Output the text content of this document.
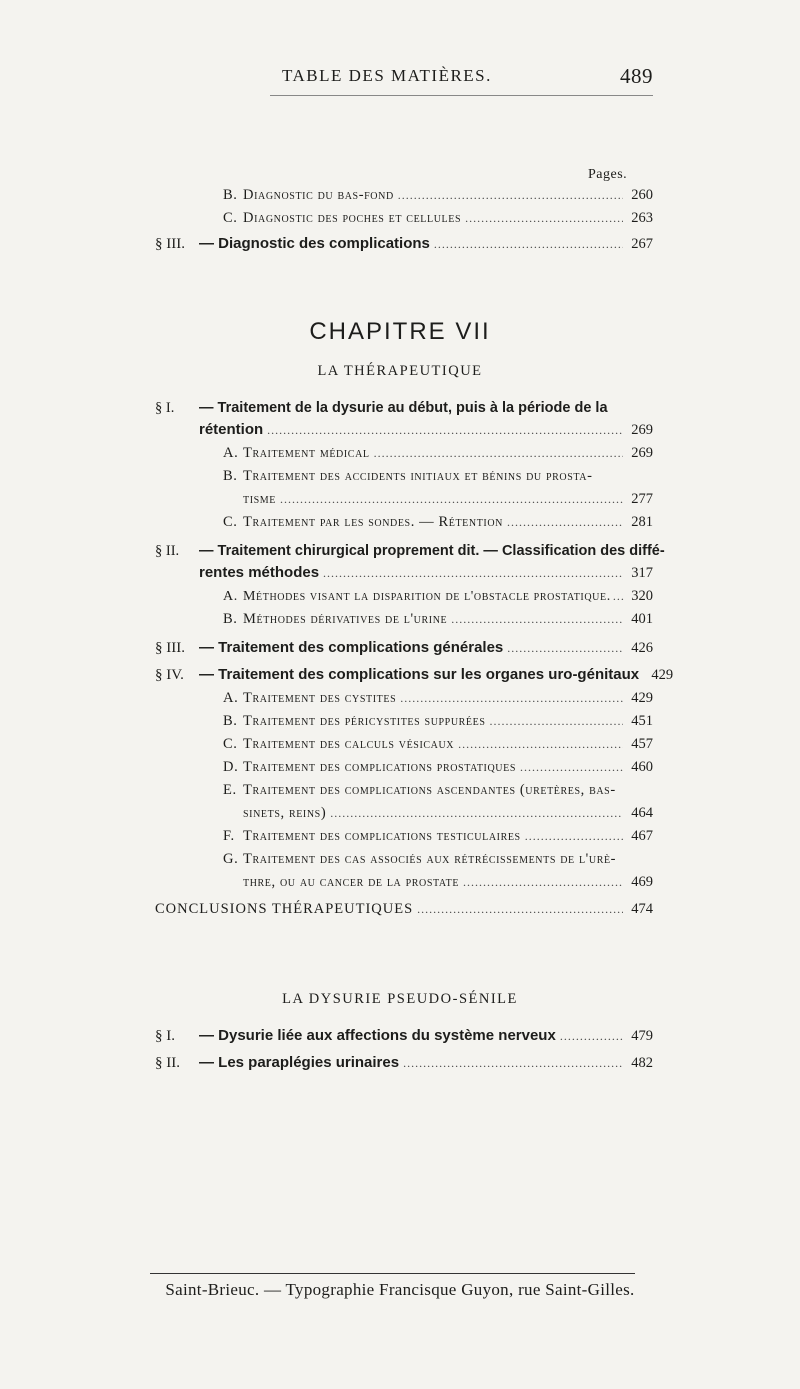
TABLE DES MATIÈRES.	489
Pages.
B. Diagnostic du bas-fond .....	260
C. Diagnostic des poches et cellules .....	263
§ III. — Diagnostic des complications .....	267
CHAPITRE VII
LA THÉRAPEUTIQUE
§ I. — Traitement de la dysurie au début, puis à la période de la
rétention .....	269
A. Traitement médical .....	269
B. Traitement des accidents initiaux et bénins du prosta-
tisme .....	277
C. Traitement par les sondes. — Rétention .....	281
§ II. — Traitement chirurgical proprement dit. — Classification des diffé-
rentes méthodes .....	317
A. Méthodes visant la disparition de l'obstacle prostatique. ..... 320
B. Méthodes dérivatives de l'urine .....	401
§ III. — Traitement des complications générales .....	426
§ IV. — Traitement des complications sur les organes uro-génitaux 429
A. Traitement des cystites .....	429
B. Traitement des péricystites suppurées .....	451
C. Traitement des calculs vésicaux .....	457
D. Traitement des complications prostatiques .....	460
E. Traitement des complications ascendantes (uretères, bas-
sinets, reins) .....	464
F. Traitement des complications testiculaires .....	467
G. Traitement des cas associés aux rétrécissements de l'urè-
thre, ou au cancer de la prostate .....	469
CONCLUSIONS THÉRAPEUTIQUES .....	474
LA DYSURIE PSEUDO-SÉNILE
§ I. — Dysurie liée aux affections du système nerveux .....	479
§ II. — Les paraplégies urinaires .....	482
Saint-Brieuc. — Typographie Francisque Guyon, rue Saint-Gilles.
